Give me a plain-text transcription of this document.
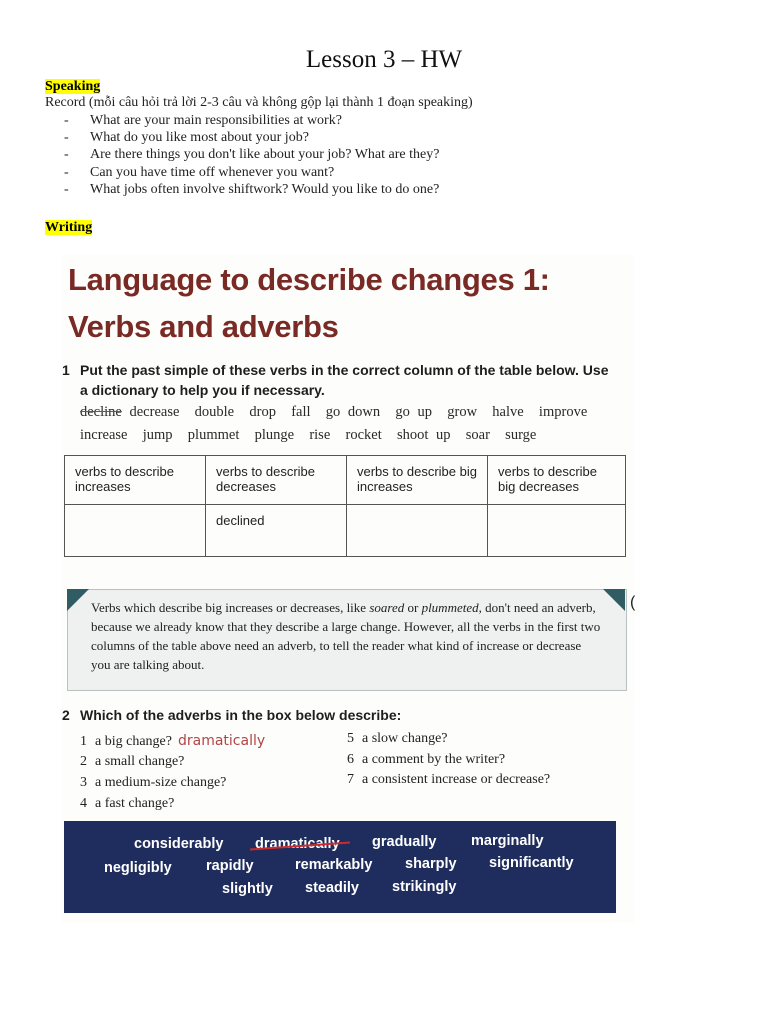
Lesson 3 – HW
Speaking
Record (mỗi câu hỏi trả lời 2-3 câu và không gộp lại thành 1 đoạn speaking)
- What are your main responsibilities at work?
- What do you like most about your job?
- Are there things you don't like about your job? What are they?
- Can you have time off whenever you want?
- What jobs often involve shiftwork? Would you like to do one?
Writing
Language to describe changes 1:
Verbs and adverbs
1 Put the past simple of these verbs in the correct column of the table below. Use
a dictionary to help you if necessary.
decline decrease  double  drop  fall  go down  go up  grow  halve  improve
increase  jump  plummet  plunge  rise  rocket  shoot up  soar  surge
verbs to describe increases	verbs to describe decreases	verbs to describe big increases	verbs to describe big decreases
	declined		
Verbs which describe big increases or decreases, like soared or plummeted, don't need an adverb, because we already know that they describe a large change. However, all the verbs in the first two columns of the table above need an adverb, to tell the reader what kind of increase or decrease you are talking about.
(
2 Which of the adverbs in the box below describe:
1 a big change? dramatically
2 a small change?
3 a medium-size change?
4 a fast change?
5 a slow change?
6 a comment by the writer?
7 a consistent increase or decrease?
considerably dramatically gradually marginally
negligibly rapidly	remarkably sharply significantly
slightly steadily strikingly
